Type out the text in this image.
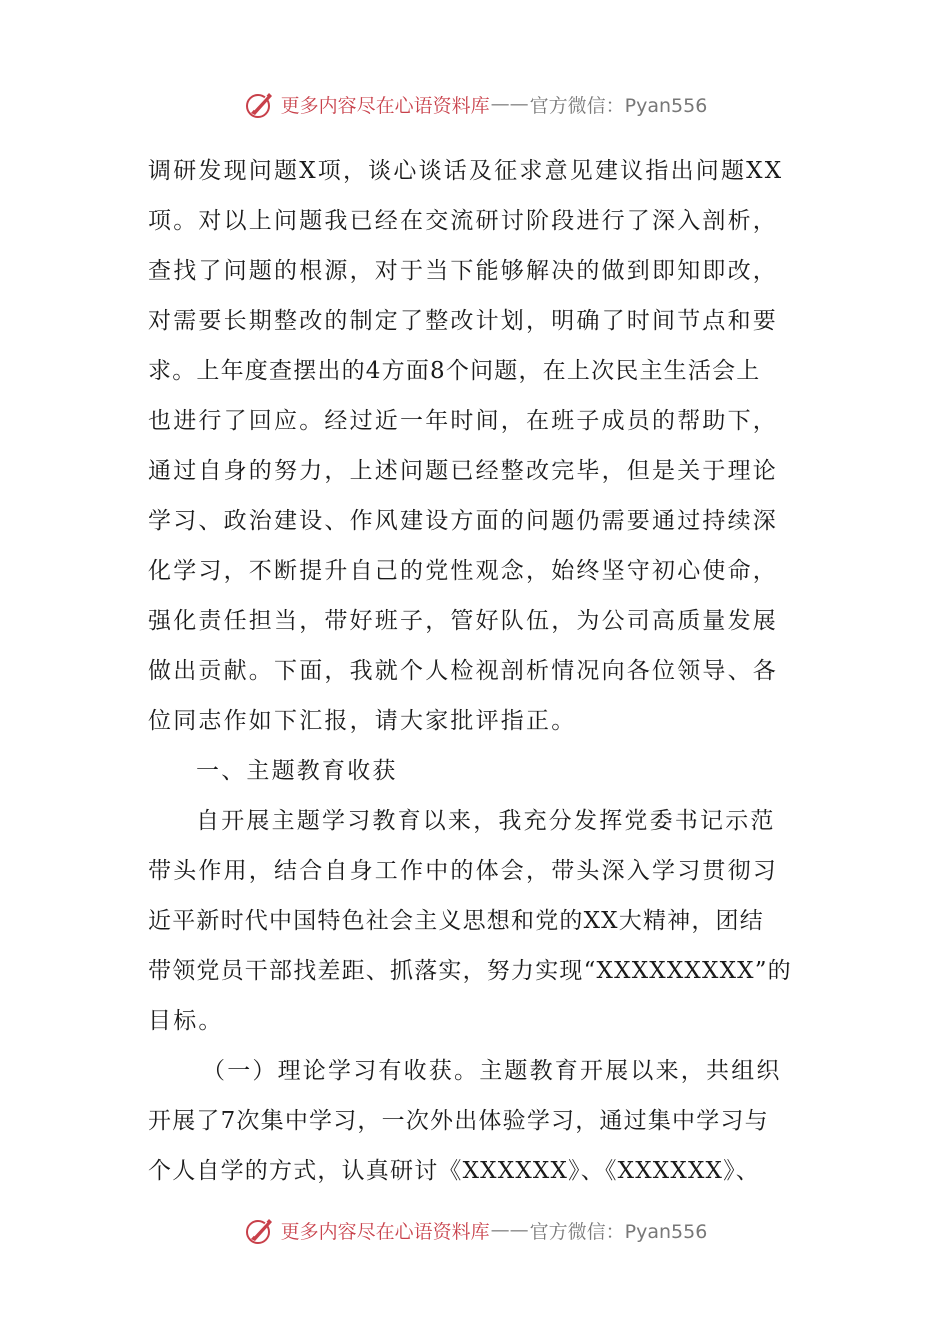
更多内容尽在心语资料库 —— 官方微信：Pyan556
调研发现问题X项，谈心谈话及征求意见建议指出问题XX
项。对以上问题我已经在交流研讨阶段进行了深入剖析，
查找了问题的根源，对于当下能够解决的做到即知即改，
对需要长期整改的制定了整改计划，明确了时间节点和要
求。上年度查摆出的4方面8个问题，在上次民主生活会上
也进行了回应。经过近一年时间，在班子成员的帮助下，
通过自身的努力，上述问题已经整改完毕，但是关于理论
学习、政治建设、作风建设方面的问题仍需要通过持续深
化学习，不断提升自己的党性观念，始终坚守初心使命，
强化责任担当，带好班子，管好队伍，为公司高质量发展
做出贡献。下面，我就个人检视剖析情况向各位领导、各
位同志作如下汇报，请大家批评指正。
一、主题教育收获
自开展主题学习教育以来，我充分发挥党委书记示范
带头作用，结合自身工作中的体会，带头深入学习贯彻习
近平新时代中国特色社会主义思想和党的XX大精神，团结
带领党员干部找差距、抓落实，努力实现“XXXXXXXXX”的
目标。
（一）理论学习有收获。主题教育开展以来，共组织
开展了7次集中学习，一次外出体验学习，通过集中学习与
个人自学的方式，认真研讨《XXXXXX》、《XXXXXX》、
更多内容尽在心语资料库 —— 官方微信：Pyan556
